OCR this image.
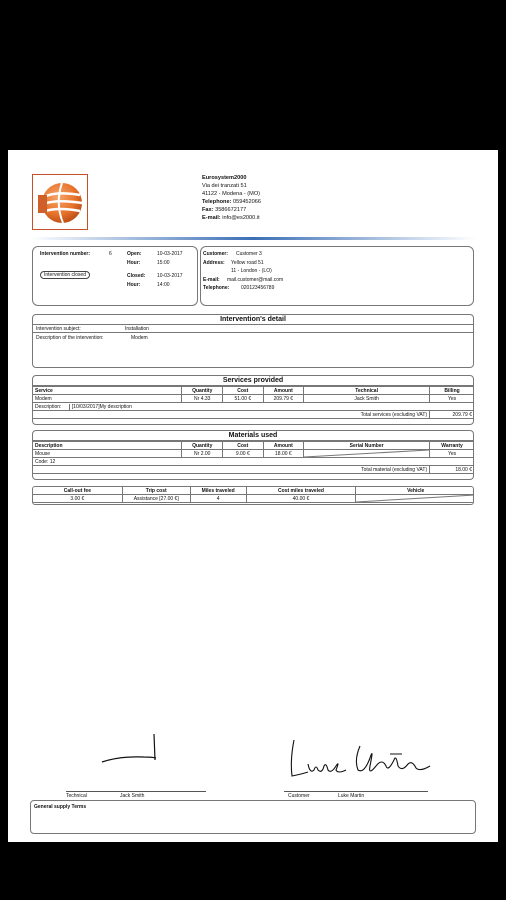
Eurosystem2000
Via dei tranzati 51
41122 - Modena - (MO)
Telephone: 059452066
Fax: 3586672177
E-mail: info@es2000.it
Intervention number:	6	Open:	10-03-2017
Hour:	15:00
Intervention closed	Closed: 10-03-2017
Hour:	14:00
Customer: Customer 3
Address: Yellow road 51
11 - London - (LO)
E-mail: mail.customer@mail.com
Telephone: 020123456789
Intervention's detail
Intervention subject:	Installation
Description of the intervention:	Modem
Services provided
Service	Quantity	Cost	Amount	Technical	Billing
Modem	Nr 4.33	51.00 €	209.79 €	Jack Smith	Yes
Description: [10/03/2017]My description					
Total services (excluding VAT)					209.79 €
Materials used
Description	Quantity	Cost	Amount	Serial Number	Warranty
Mouse	Nr 2.00	9.00 €	18.00 €		Yes
Code: 12					
Total material (excluding VAT)					18.00 €
Call-out fee	Trip cost	Miles traveled	Cost miles traveled	Vehicle
3.00 €	Assistance [27.00 €]	4	40.00 €	
Technical	Jack Smith	Customer	Luke Martin
General supply Terms
